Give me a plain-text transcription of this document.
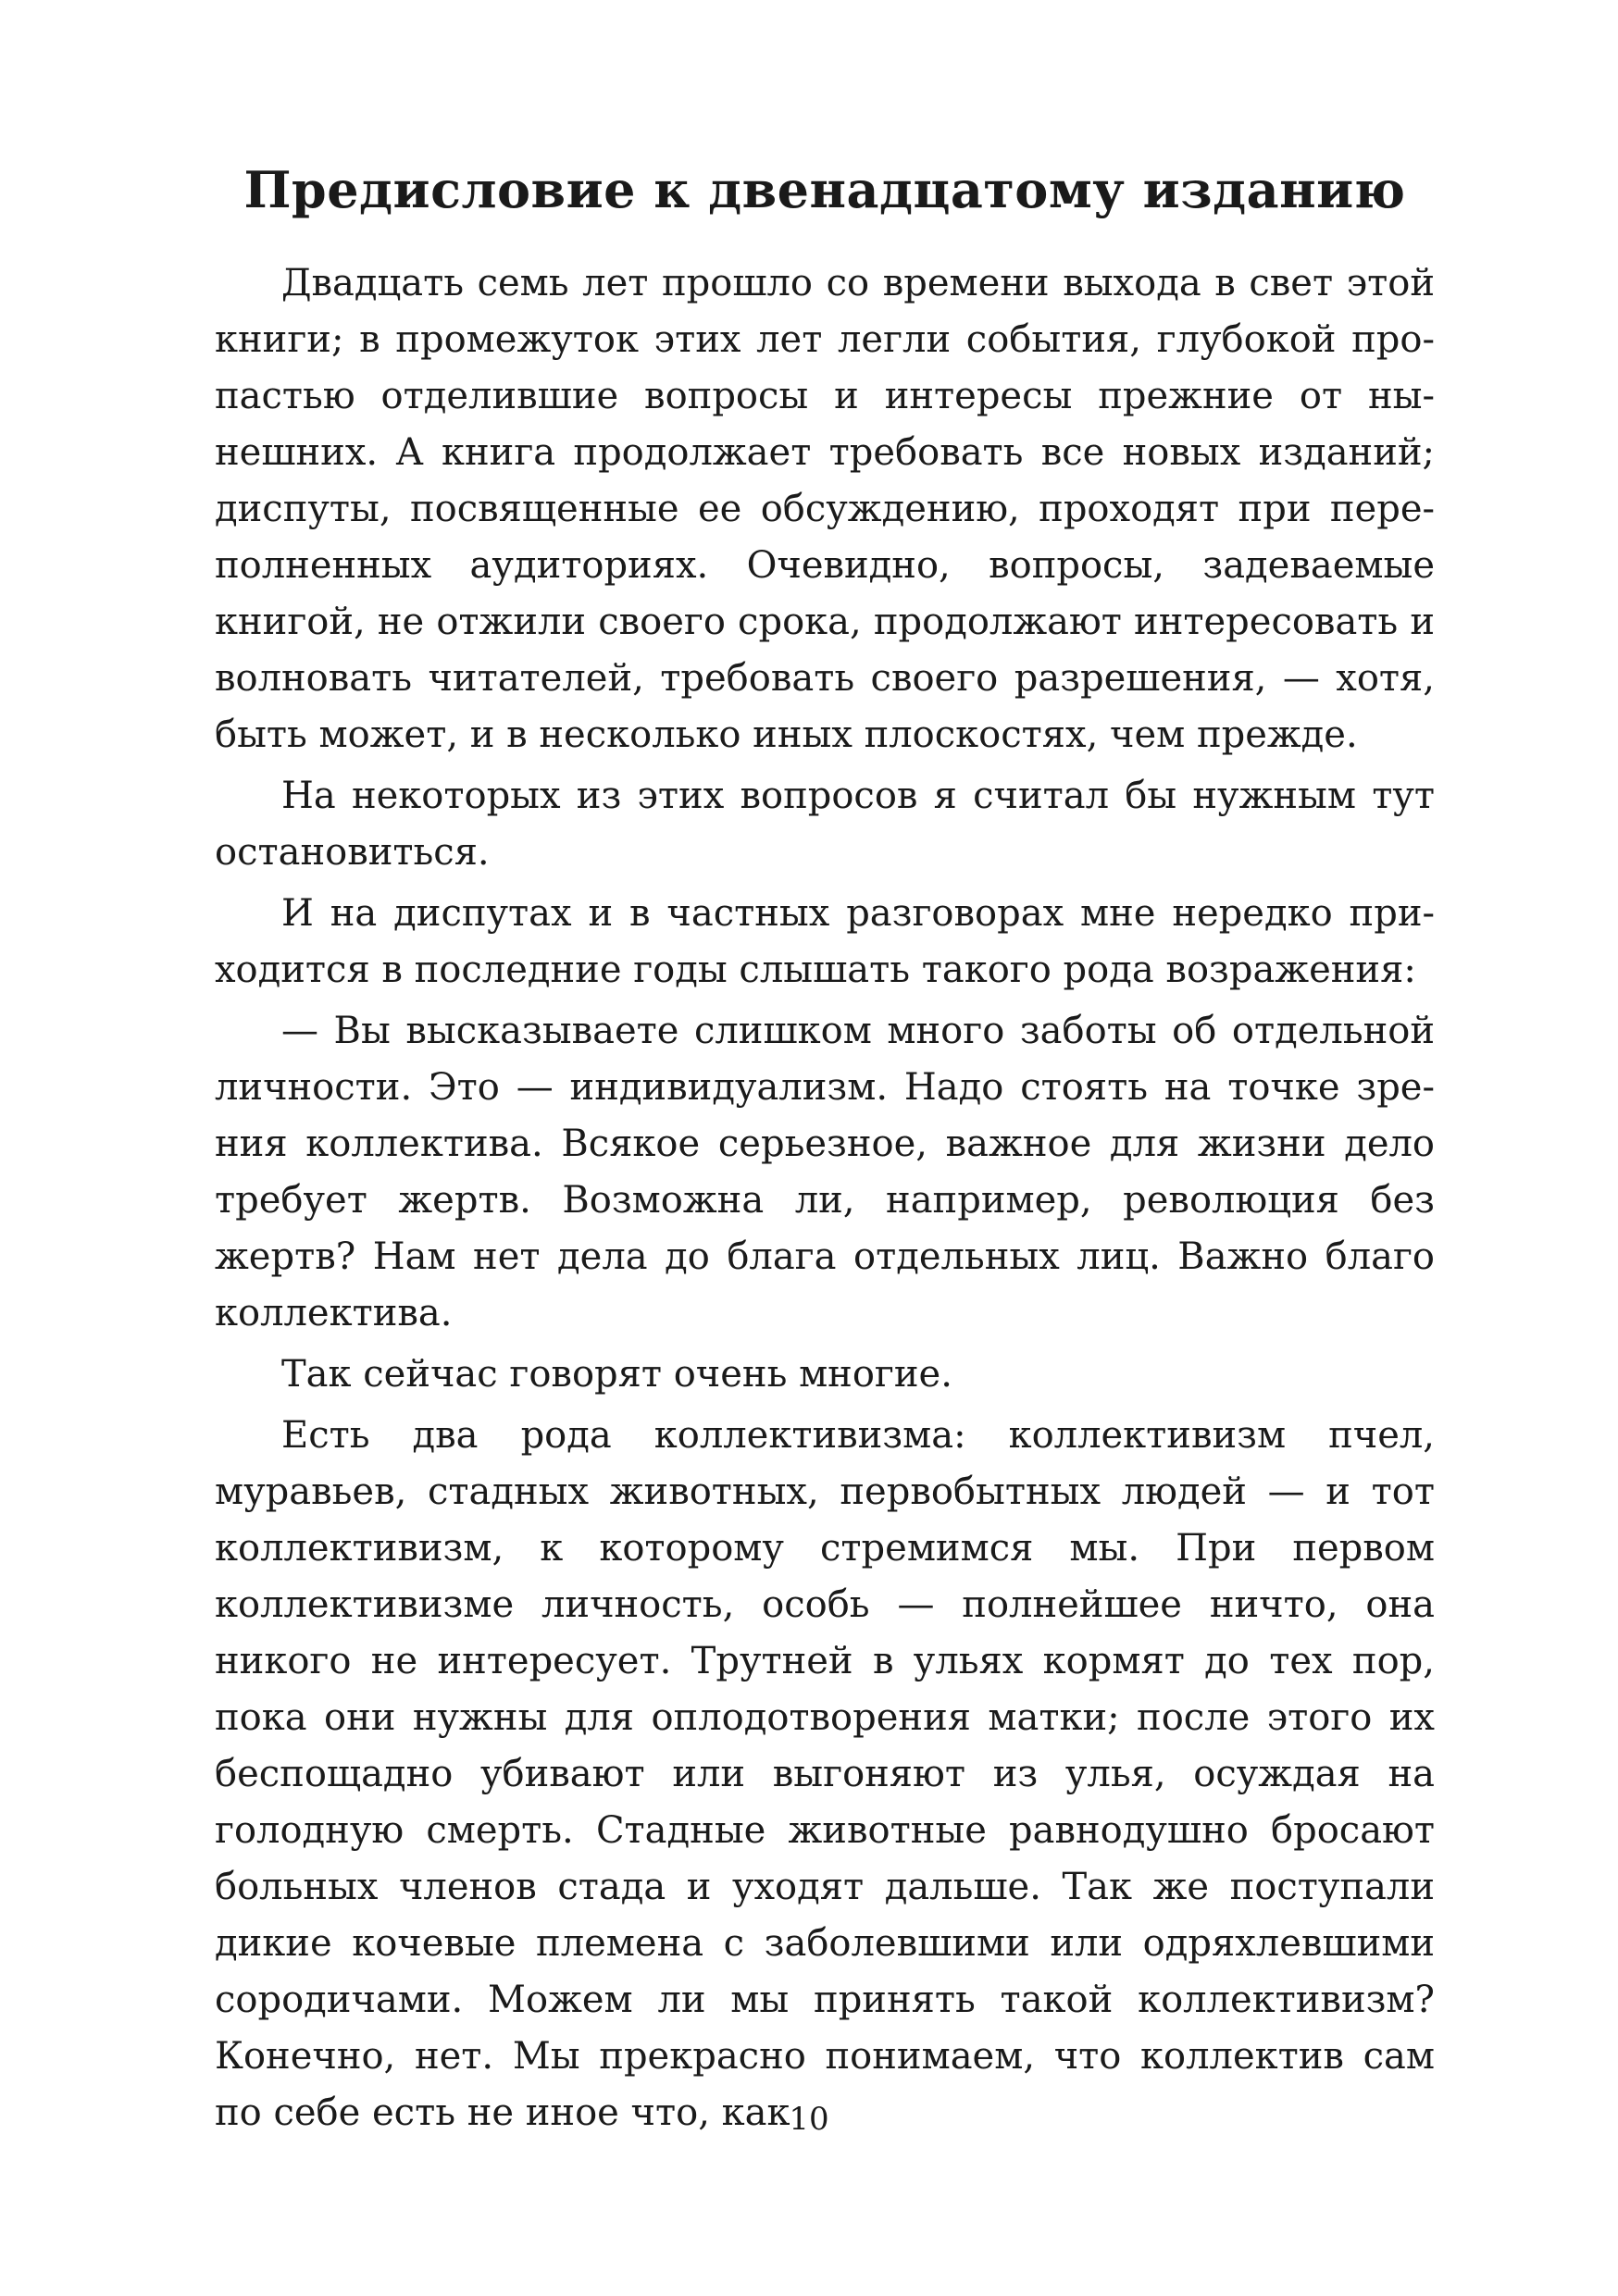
Предисловие к двенадцатому изданию

Двадцать семь лет прошло со времени выхода в свет этой книги; в промежуток этих лет легли события, глубокой пропастью отделившие вопросы и интересы прежние от нынешних. А книга продолжает требовать все новых изданий; диспуты, посвященные ее обсуждению, проходят при переполненных аудиториях. Очевидно, вопросы, задеваемые книгой, не отжили своего срока, продолжают интересовать и волновать читателей, требовать своего разрешения, — хотя, быть может, и в несколько иных плоскостях, чем прежде.

На некоторых из этих вопросов я считал бы нужным тут остановиться.

И на диспутах и в частных разговорах мне нередко приходится в последние годы слышать такого рода возражения:

— Вы высказываете слишком много заботы об отдельной личности. Это — индивидуализм. Надо стоять на точке зрения коллектива. Всякое серьезное, важное для жизни дело требует жертв. Возможна ли, например, революция без жертв? Нам нет дела до блага отдельных лиц. Важно благо коллектива.

Так сейчас говорят очень многие.

Есть два рода коллективизма: коллективизм пчел, муравьев, стадных животных, первобытных людей — и тот коллективизм, к которому стремимся мы. При первом коллективизме личность, особь — полнейшее ничто, она никого не интересует. Трутней в ульях кормят до тех пор, пока они нужны для оплодотворения матки; после этого их беспощадно убивают или выгоняют из улья, осуждая на голодную смерть. Стадные животные равнодушно бросают больных членов стада и уходят дальше. Так же поступали дикие кочевые племена с заболевшими или одряхлевшими сородичами. Можем ли мы принять такой коллективизм? Конечно, нет. Мы прекрасно понимаем, что коллектив сам по себе есть не иное что, как

10
